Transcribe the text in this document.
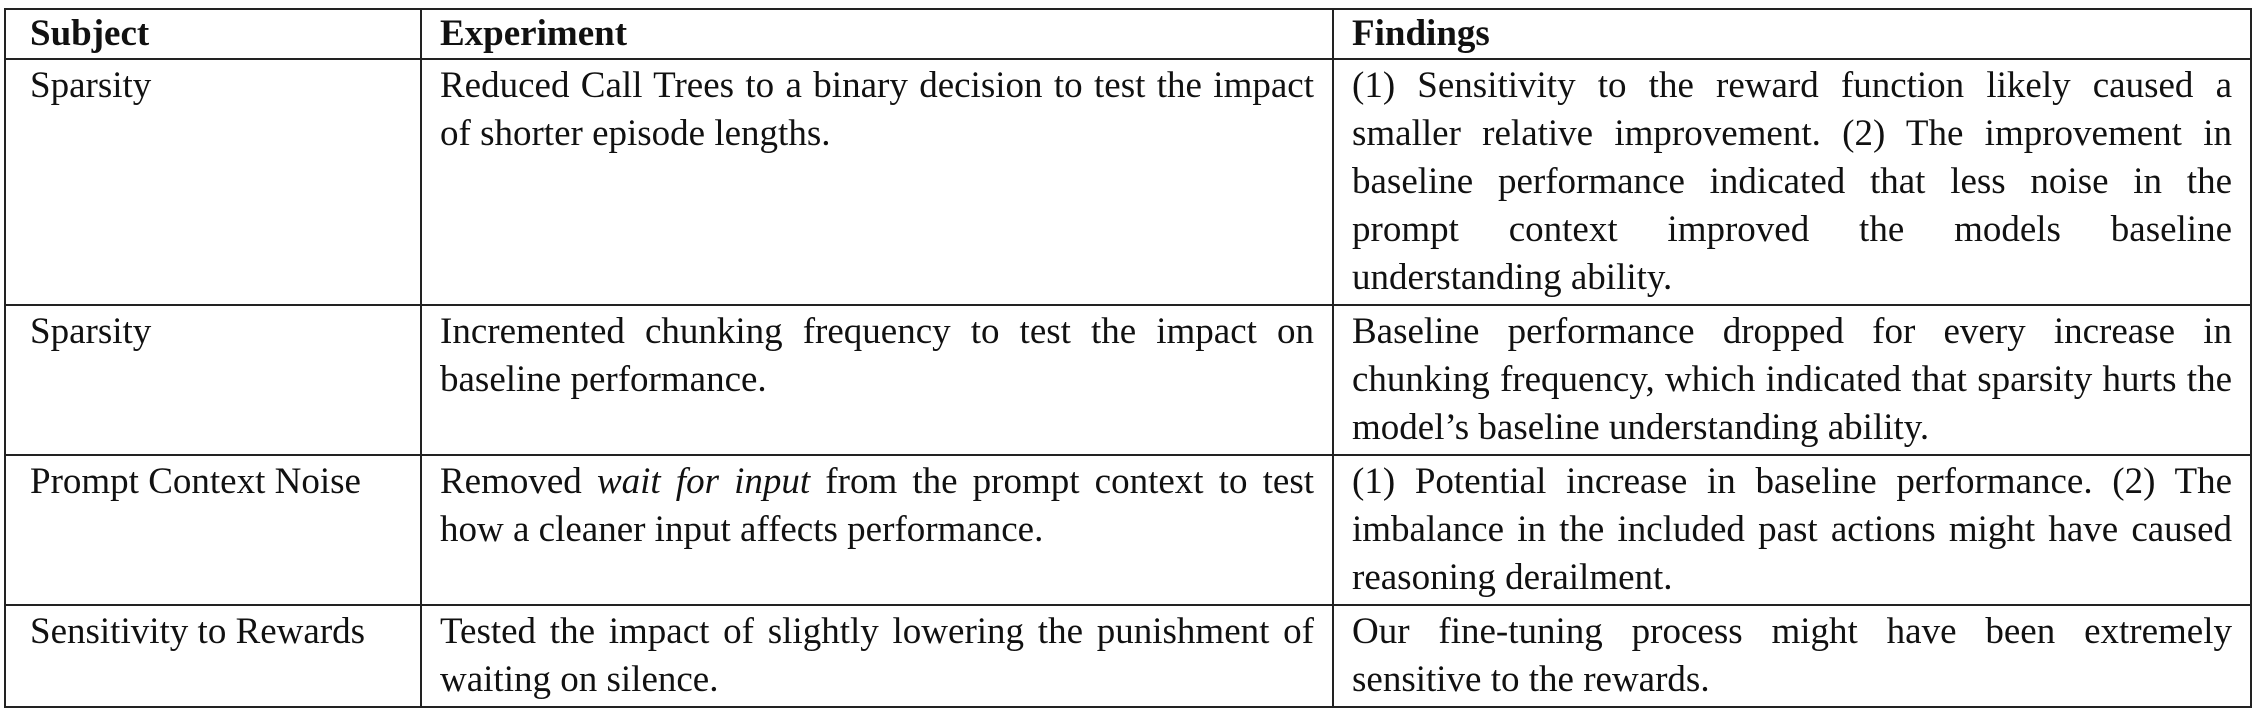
Subject	Experiment	Findings
Sparsity	Reduced Call Trees to a binary decision to test the impact of shorter episode lengths.	(1) Sensitivity to the reward function likely caused a smaller relative improvement. (2) The improvement in baseline performance indicated that less noise in the prompt context improved the models baseline understanding ability.
Sparsity	Incremented chunking frequency to test the impact on baseline performance.	Baseline performance dropped for every increase in chunking frequency, which indicated that sparsity hurts the model’s baseline understanding ability.
Prompt Context Noise	Removed wait for input from the prompt context to test how a cleaner input affects performance.	(1) Potential increase in baseline performance. (2) The imbalance in the included past actions might have caused reasoning derailment.
Sensitivity to Rewards	Tested the impact of slightly lowering the punishment of waiting on silence.	Our fine-tuning process might have been extremely sensitive to the rewards.
